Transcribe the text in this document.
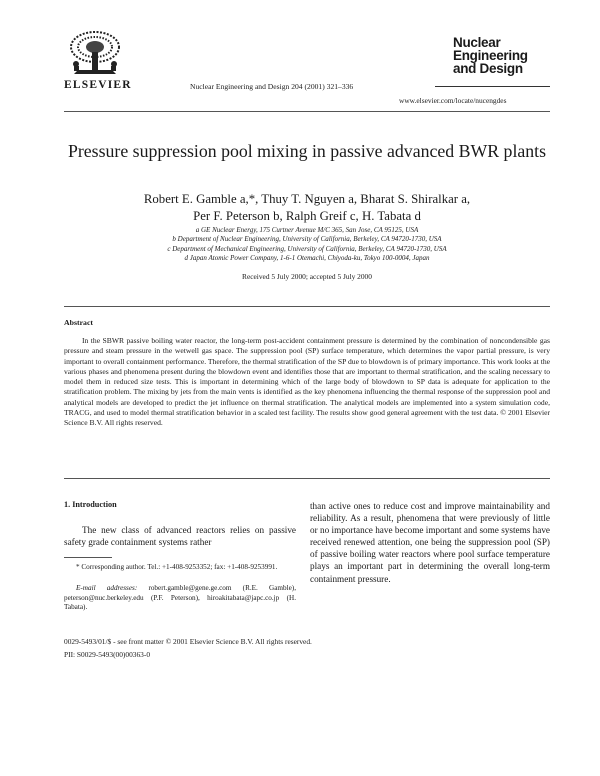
ELSEVIER	Nuclear Engineering and Design 204 (2001) 321–336
Nuclear
Engineering
and Design
www.elsevier.com/locate/nucengdes
Pressure suppression pool mixing in passive advanced BWR plants
Robert E. Gamble a,*, Thuy T. Nguyen a, Bharat S. Shiralkar a,
Per F. Peterson b, Ralph Greif c, H. Tabata d
a GE Nuclear Energy, 175 Curtner Avenue M/C 365, San Jose, CA 95125, USA
b Department of Nuclear Engineering, University of California, Berkeley, CA 94720-1730, USA
c Department of Mechanical Engineering, University of California, Berkeley, CA 94720-1730, USA
d Japan Atomic Power Company, 1-6-1 Otemachi, Chiyoda-ku, Tokyo 100-0004, Japan
Received 5 July 2000; accepted 5 July 2000
Abstract
In the SBWR passive boiling water reactor, the long-term post-accident containment pressure is determined by the combination of noncondensible gas pressure and steam pressure in the wetwell gas space. The suppression pool (SP) surface temperature, which determines the vapor partial pressure, is very important to overall containment performance. Therefore, the thermal stratification of the SP due to blowdown is of primary importance. This work looks at the various phases and phenomena present during the blowdown event and identifies those that are important to thermal stratification, and the scaling necessary to model them in reduced size tests. This is important in determining which of the large body of blowdown to SP data is adequate for application to the stratification problem. The mixing by jets from the main vents is identified as the key phenomena influencing the thermal response of the suppression pool and analytical models are developed to predict the jet influence on thermal stratification. The analytical models are implemented into a system simulation code, TRACG, and used to model thermal stratification behavior in a scaled test facility. The results show good general agreement with the test data. © 2001 Elsevier Science B.V. All rights reserved.
1. Introduction
The new class of advanced reactors relies on passive safety grade containment systems rather
than active ones to reduce cost and improve maintainability and reliability. As a result, phenomena that were previously of little or no importance have become important and some systems have received renewed attention, one being the suppression pool (SP) of passive boiling water reactors where pool surface temperature plays an important part in determining the overall long-term containment pressure.
* Corresponding author. Tel.: +1-408-9253352; fax: +1-408-9253991.
E-mail addresses: robert.gamble@gene.ge.com (R.E. Gamble), peterson@nuc.berkeley.edu (P.F. Peterson), hiroakitabata@japc.co.jp (H. Tabata).
0029-5493/01/$ - see front matter © 2001 Elsevier Science B.V. All rights reserved.
PII: S0029-5493(00)00363-0
